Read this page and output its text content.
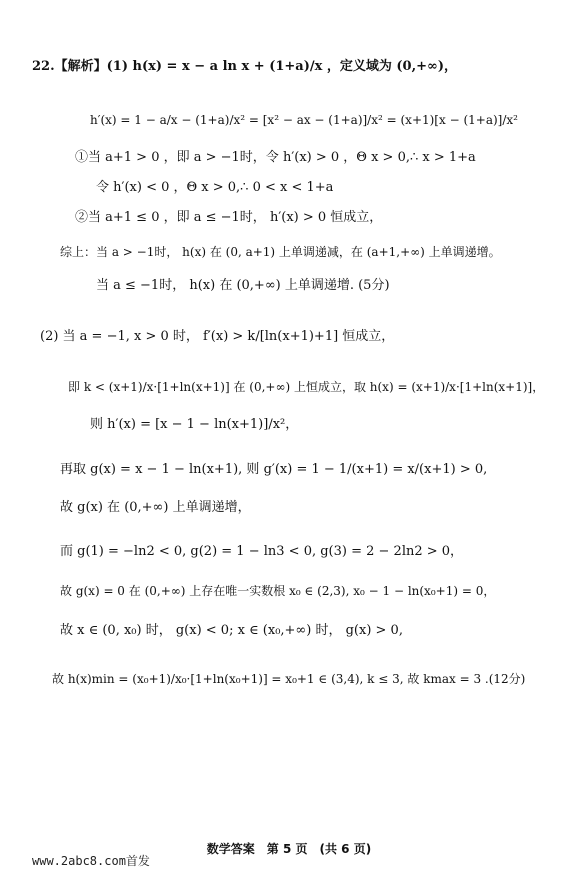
22.【解析】(1) h(x) = x − a ln x + (1+a)/x ，定义域为 (0,+∞)，
h′(x) = 1 − a/x − (1+a)/x² = [x² − ax − (1+a)]/x² = (x+1)[x − (1+a)]/x²
①当 a+1 > 0 ，即 a > −1时，令 h′(x) > 0 ，Θ x > 0,∴ x > 1+a
令 h′(x) < 0 ，Θ x > 0,∴ 0 < x < 1+a
②当 a+1 ≤ 0 ，即 a ≤ −1时， h′(x) > 0 恒成立，
综上：当 a > −1时， h(x) 在 (0, a+1) 上单调递减，在 (a+1,+∞) 上单调递增。
当 a ≤ −1时， h(x) 在 (0,+∞) 上单调递增. (5分)
(2) 当 a = −1, x > 0 时， f′(x) > k/[ln(x+1)+1] 恒成立，
即 k < (x+1)/x·[1+ln(x+1)] 在 (0,+∞) 上恒成立，取 h(x) = (x+1)/x·[1+ln(x+1)]，
则 h′(x) = [x − 1 − ln(x+1)]/x²，
再取 g(x) = x − 1 − ln(x+1), 则 g′(x) = 1 − 1/(x+1) = x/(x+1) > 0,
故 g(x) 在 (0,+∞) 上单调递增，
而 g(1) = −ln2 < 0, g(2) = 1 − ln3 < 0, g(3) = 2 − 2ln2 > 0，
故 g(x) = 0 在 (0,+∞) 上存在唯一实数根 x₀ ∈ (2,3), x₀ − 1 − ln(x₀+1) = 0，
故 x ∈ (0, x₀) 时， g(x) < 0; x ∈ (x₀,+∞) 时， g(x) > 0,
故 h(x)min = (x₀+1)/x₀·[1+ln(x₀+1)] = x₀+1 ∈ (3,4), k ≤ 3, 故 kmax = 3 .(12分)
数学答案　第 5 页　(共 6 页)
www.2abc8.com首发
